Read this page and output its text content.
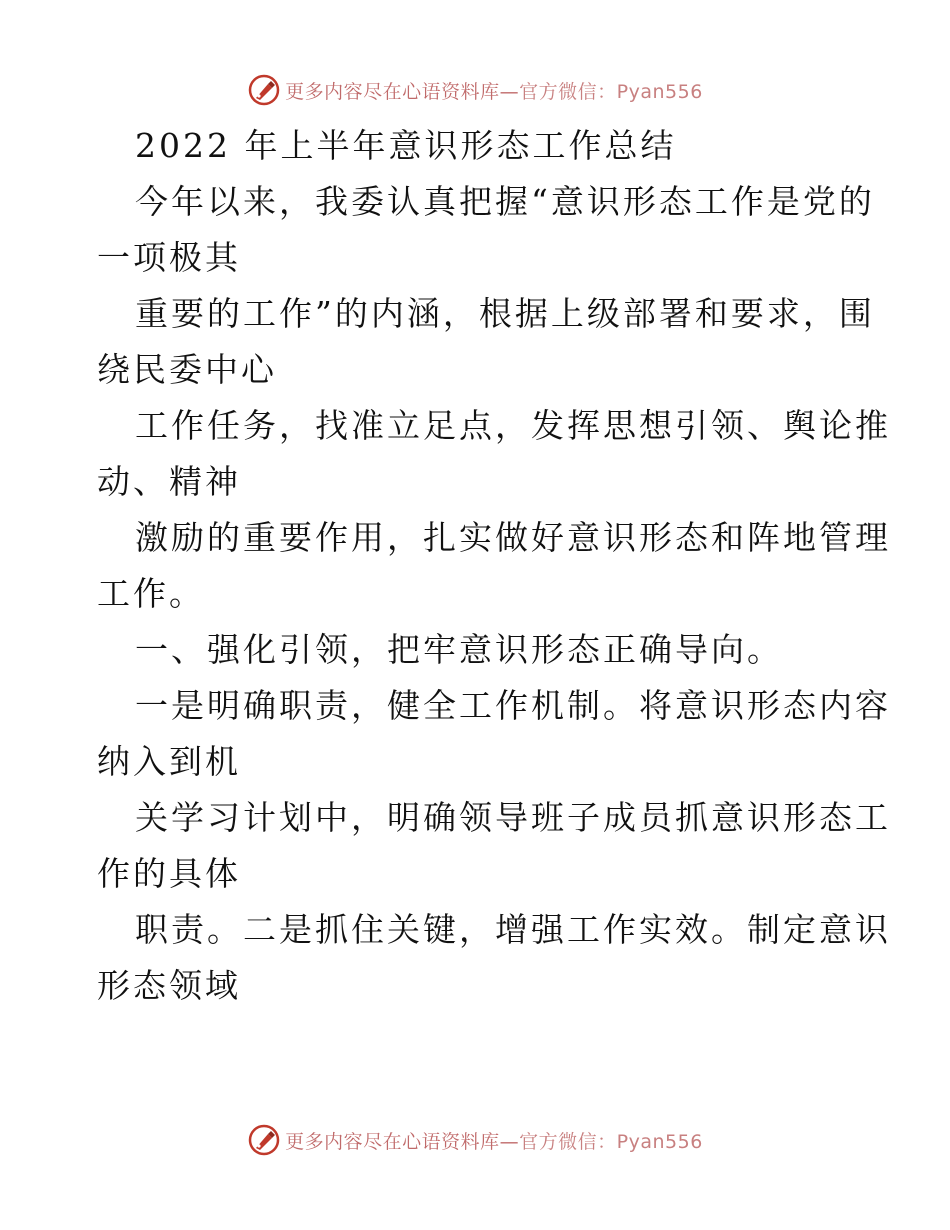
更多内容尽在心语资料库—官方微信：Pyan556
2022 年上半年意识形态工作总结
今年以来，我委认真把握“意识形态工作是党的
一项极其
重要的工作”的内涵，根据上级部署和要求，围
绕民委中心
工作任务，找准立足点，发挥思想引领、舆论推
动、精神
激励的重要作用，扎实做好意识形态和阵地管理
工作。
一、强化引领，把牢意识形态正确导向。
一是明确职责，健全工作机制。将意识形态内容
纳入到机
关学习计划中，明确领导班子成员抓意识形态工
作的具体
职责。二是抓住关键，增强工作实效。制定意识
形态领域
更多内容尽在心语资料库—官方微信：Pyan556
